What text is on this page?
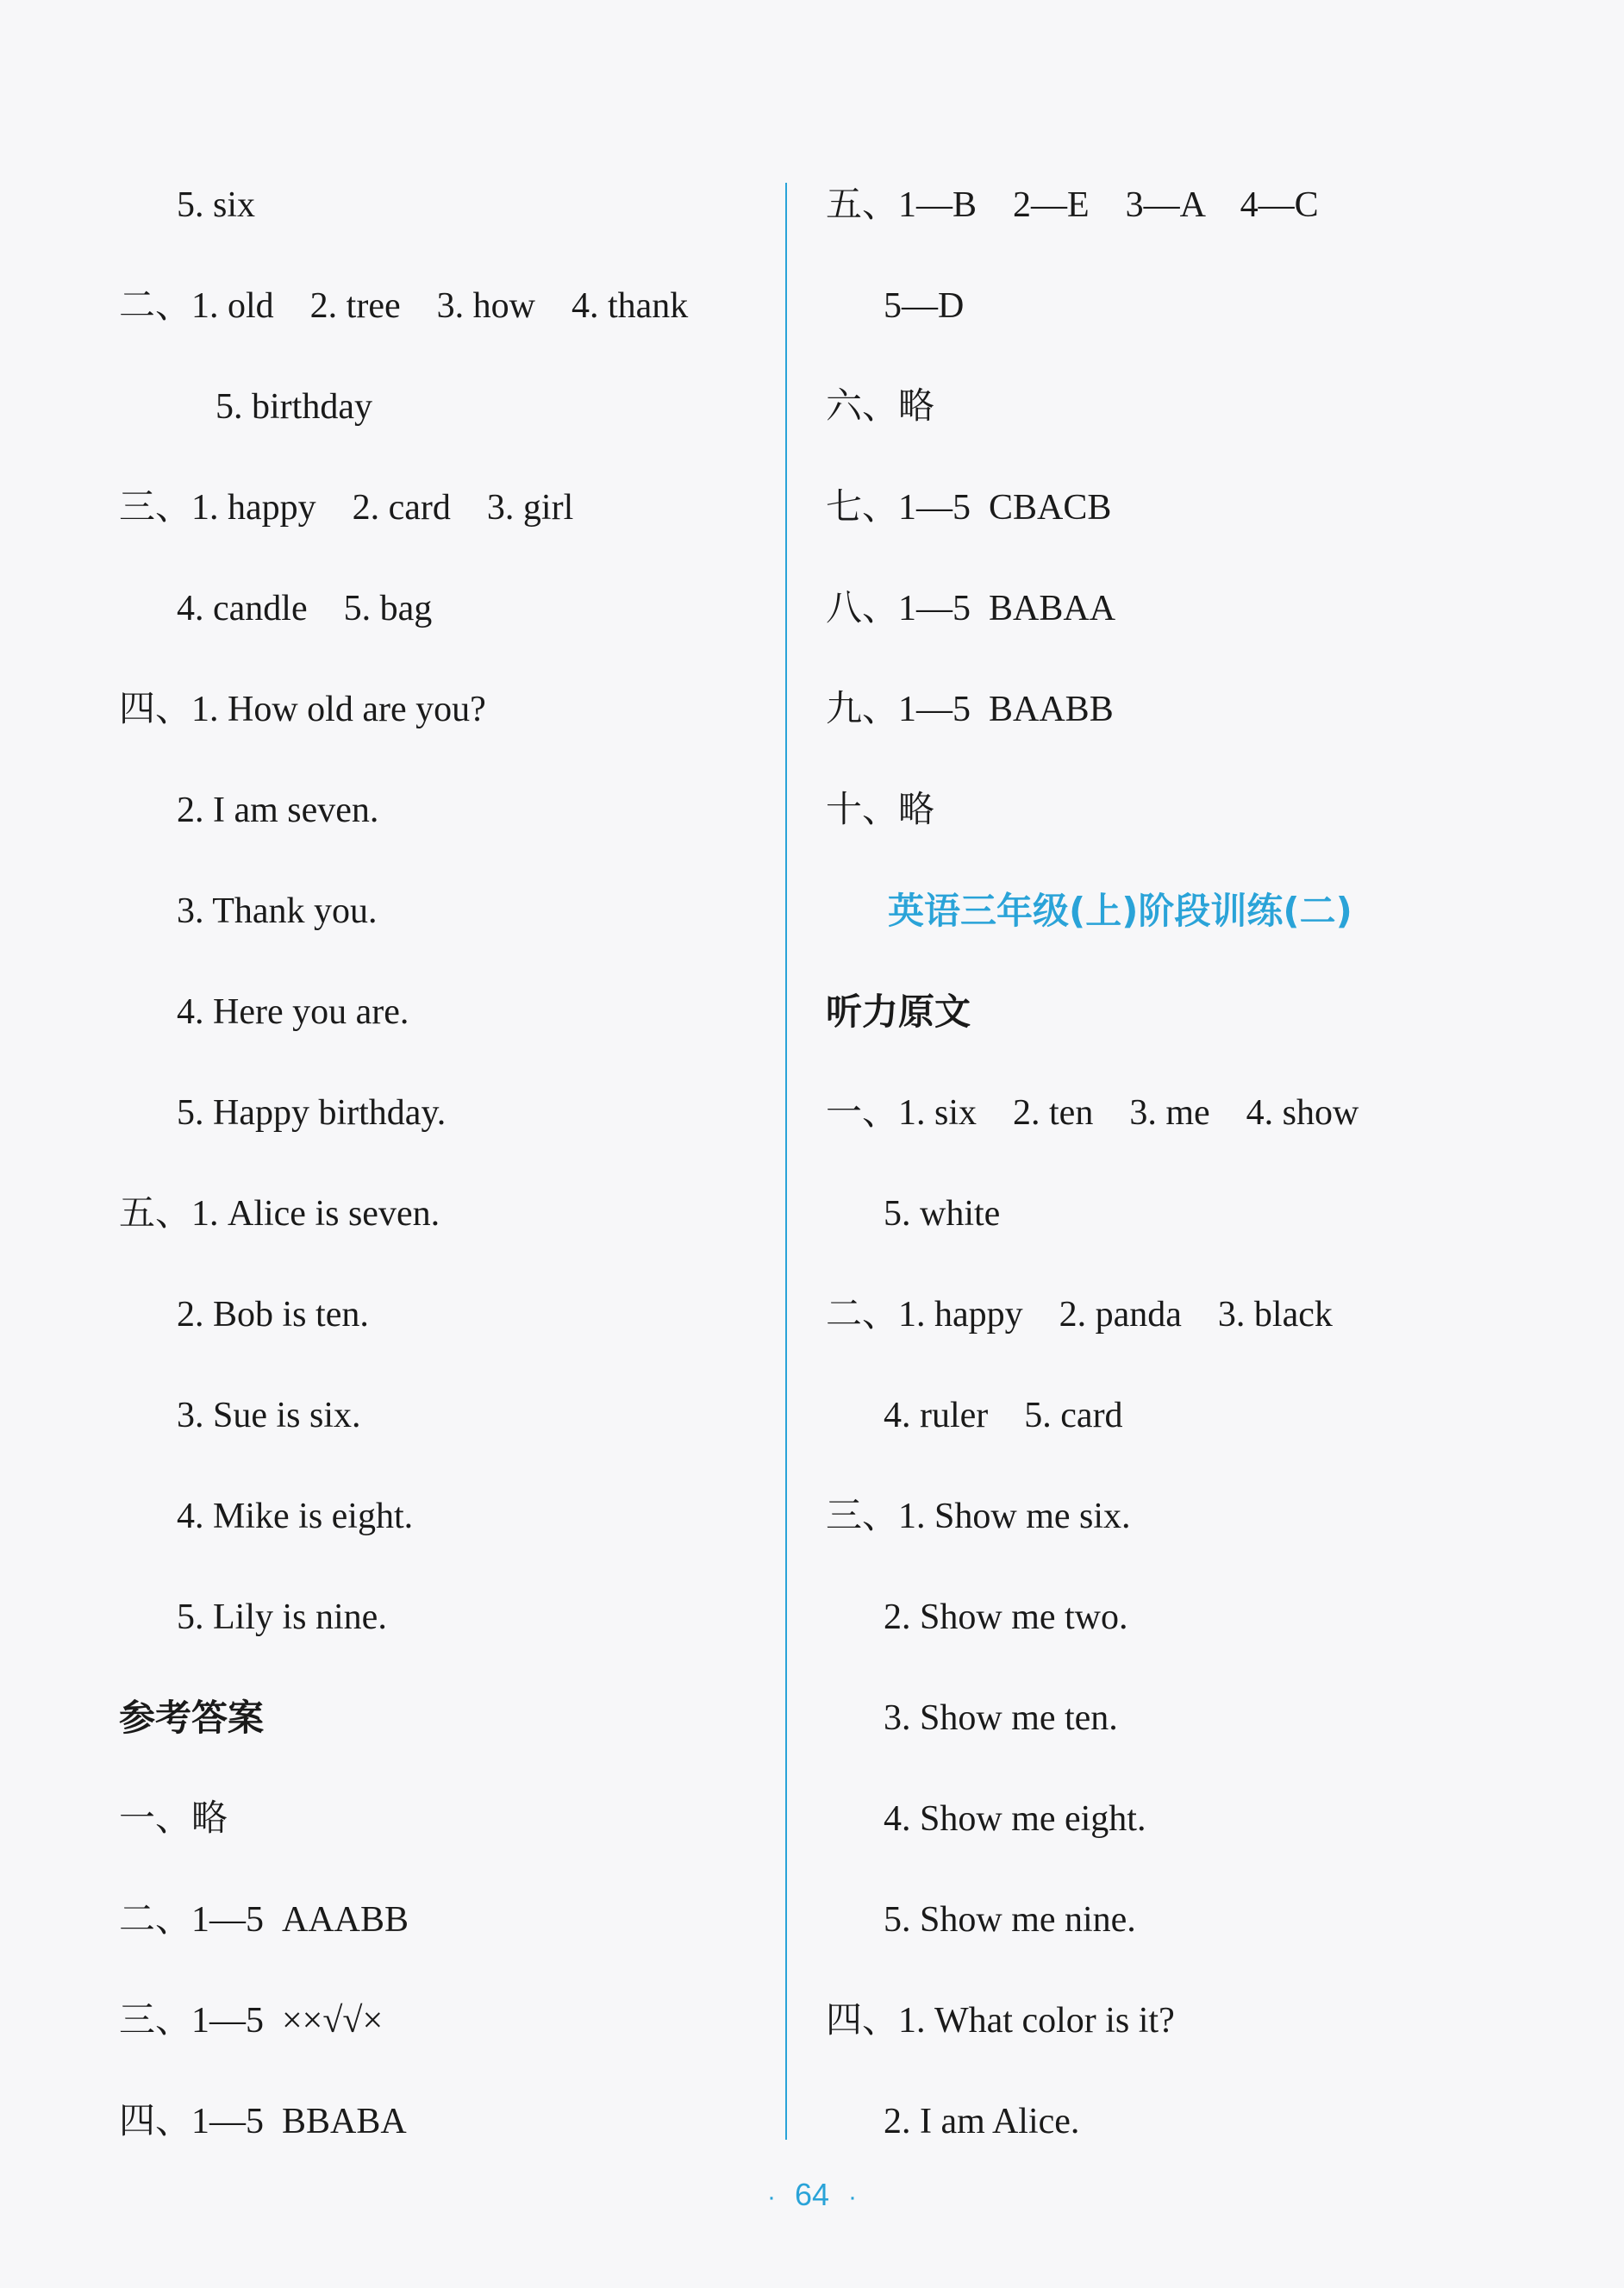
5. six
二、1. old    2. tree    3. how    4. thank
5. birthday
三、1. happy    2. card    3. girl
4. candle    5. bag
四、1. How old are you?
2. I am seven.
3. Thank you.
4. Here you are.
5. Happy birthday.
五、1. Alice is seven.
2. Bob is ten.
3. Sue is six.
4. Mike is eight.
5. Lily is nine.
参考答案
一、略
二、1—5  AAABB
三、1—5  ××√√×
四、1—5  BBABA
五、1—B    2—E    3—A    4—C
5—D
六、略
七、1—5  CBACB
八、1—5  BABAA
九、1—5  BAABB
十、略
英语三年级(上)阶段训练(二)
听力原文
一、1. six    2. ten    3. me    4. show
5. white
二、1. happy    2. panda    3. black
4. ruler    5. card
三、1. Show me six.
2. Show me two.
3. Show me ten.
4. Show me eight.
5. Show me nine.
四、1. What color is it?
2. I am Alice.
· 64 ·
